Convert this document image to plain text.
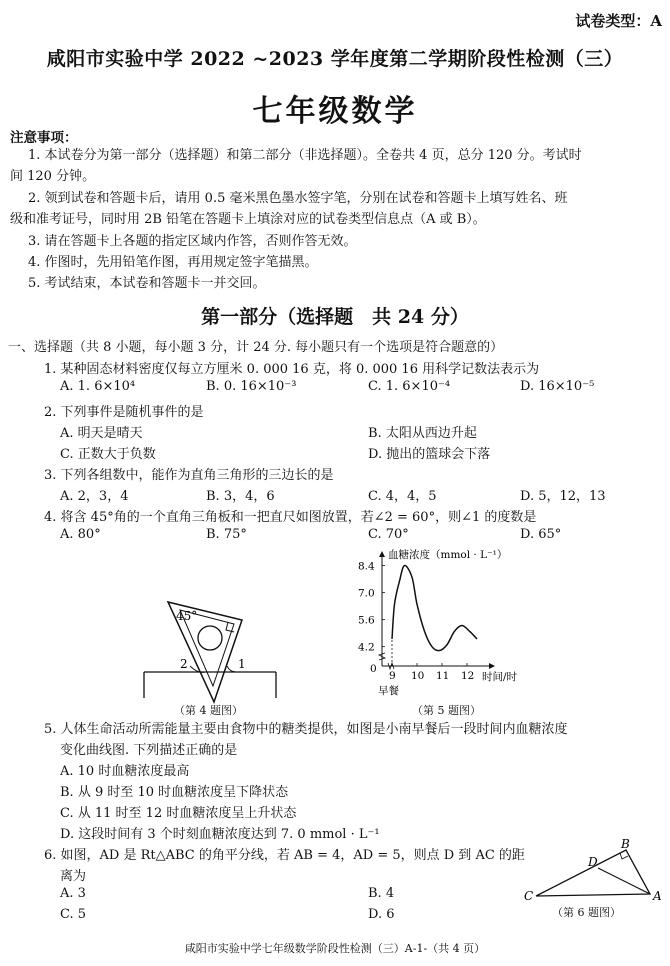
试卷类型：A
咸阳市实验中学 2022 ~2023 学年度第二学期阶段性检测（三）
七年级数学
注意事项：
1. 本试卷分为第一部分（选择题）和第二部分（非选择题）。全卷共 4 页，总分 120 分。考试时
间 120 分钟。
2. 领到试卷和答题卡后，请用 0.5 毫米黑色墨水签字笔，分别在试卷和答题卡上填写姓名、班
级和准考证号，同时用 2B 铅笔在答题卡上填涂对应的试卷类型信息点（A 或 B）。
3. 请在答题卡上各题的指定区域内作答，否则作答无效。
4. 作图时，先用铅笔作图，再用规定签字笔描黑。
5. 考试结束，本试卷和答题卡一并交回。
第一部分（选择题　共 24 分）
一、选择题（共 8 小题，每小题 3 分，计 24 分. 每小题只有一个选项是符合题意的）
1. 某种固态材料密度仅每立方厘米 0. 000 16 克，将 0. 000 16 用科学记数法表示为
A. 1. 6×10⁴	B. 0. 16×10⁻³	C. 1. 6×10⁻⁴	D. 16×10⁻⁵
2. 下列事件是随机事件的是
A. 明天是晴天	B. 太阳从西边升起
C. 正数大于负数	D. 抛出的篮球会下落
3. 下列各组数中，能作为直角三角形的三边长的是
A. 2，3，4	B. 3，4，6	C. 4，4，5	D. 5，12，13
4. 将含 45°角的一个直角三角板和一把直尺如图放置，若∠2 = 60°，则∠1 的度数是
A. 80°	B. 75°	C. 70°	D. 65°
45°
2	1
（第 4 题图）
血糖浓度（mmol · L⁻¹）
时间/时
0
早餐
4.2
5.6
7.0
8.4
9 10 11 12
（第 5 题图）
5. 人体生命活动所需能量主要由食物中的糖类提供，如图是小南早餐后一段时间内血糖浓度
变化曲线图. 下列描述正确的是
A. 10 时血糖浓度最高
B. 从 9 时至 10 时血糖浓度呈下降状态
C. 从 11 时至 12 时血糖浓度呈上升状态
D. 这段时间有 3 个时刻血糖浓度达到 7. 0 mmol · L⁻¹
6. 如图，AD 是 Rt△ABC 的角平分线，若 AB = 4，AD = 5，则点 D 到 AC 的距
离为
A. 3	B. 4
C. 5	D. 6
C
B
D
A
（第 6 题图）
咸阳市实验中学七年级数学阶段性检测（三）A-1-（共 4 页）
